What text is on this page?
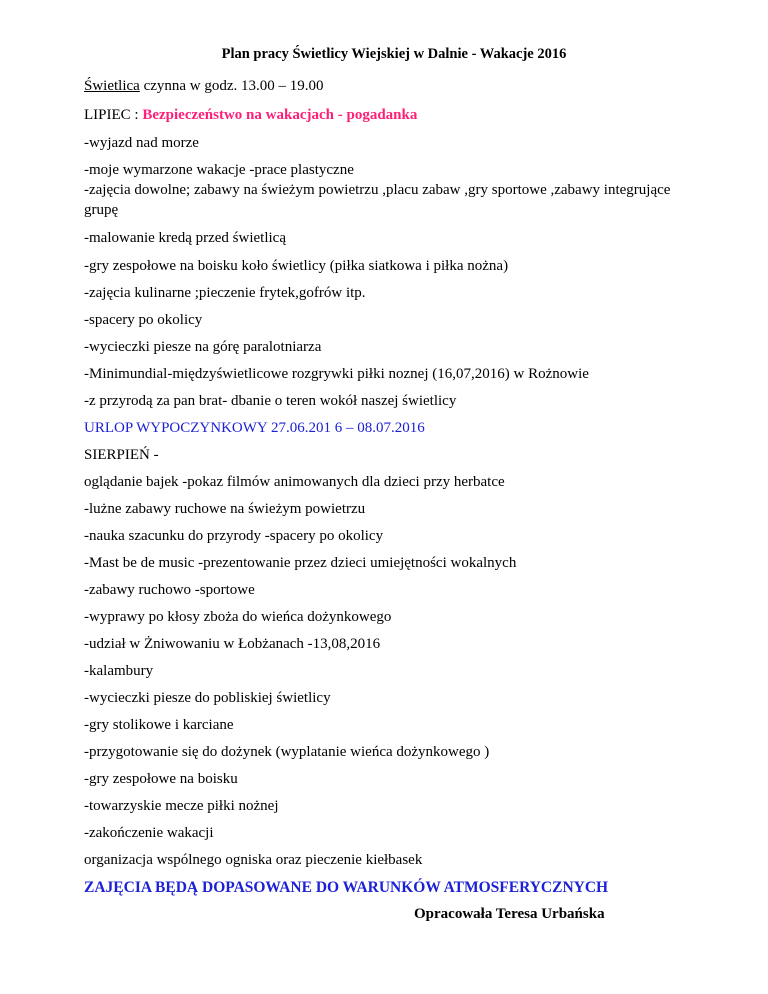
Plan pracy Świetlicy Wiejskiej w Dalnie - Wakacje 2016
Świetlica czynna w godz. 13.00 – 19.00
LIPIEC : Bezpieczeństwo na wakacjach - pogadanka
-wyjazd nad morze
-moje wymarzone wakacje -prace plastyczne
-zajęcia dowolne; zabawy na świeżym powietrzu ,placu zabaw ,gry sportowe ,zabawy integrujące grupę
-malowanie kredą przed świetlicą
-gry zespołowe na boisku koło świetlicy (piłka siatkowa i piłka nożna)
-zajęcia kulinarne ;pieczenie frytek,gofrów itp.
-spacery po okolicy
-wycieczki piesze na górę paralotniarza
-Minimundial-międzyświetlicowe rozgrywki piłki noznej (16,07,2016) w Rożnowie
-z przyrodą za pan brat- dbanie o teren wokół naszej świetlicy
URLOP WYPOCZYNKOWY 27.06.201 6 – 08.07.2016
SIERPIEŃ -
oglądanie bajek -pokaz filmów animowanych dla dzieci przy herbatce
-lużne zabawy ruchowe na świeżym powietrzu
-nauka szacunku do przyrody -spacery po okolicy
-Mast be de music -prezentowanie przez dzieci umiejętności wokalnych
-zabawy ruchowo -sportowe
-wyprawy po kłosy zboża do wieńca dożynkowego
-udział w Żniwowaniu w Łobżanach -13,08,2016
-kalambury
-wycieczki piesze do pobliskiej świetlicy
-gry stolikowe i karciane
-przygotowanie się do dożynek (wyplatanie wieńca dożynkowego )
-gry zespołowe na boisku
-towarzyskie mecze piłki nożnej
-zakończenie wakacji
organizacja wspólnego ogniska oraz pieczenie kiełbasek
ZAJĘCIA BĘDĄ DOPASOWANE DO WARUNKÓW ATMOSFERYCZNYCH
Opracowała Teresa Urbańska
